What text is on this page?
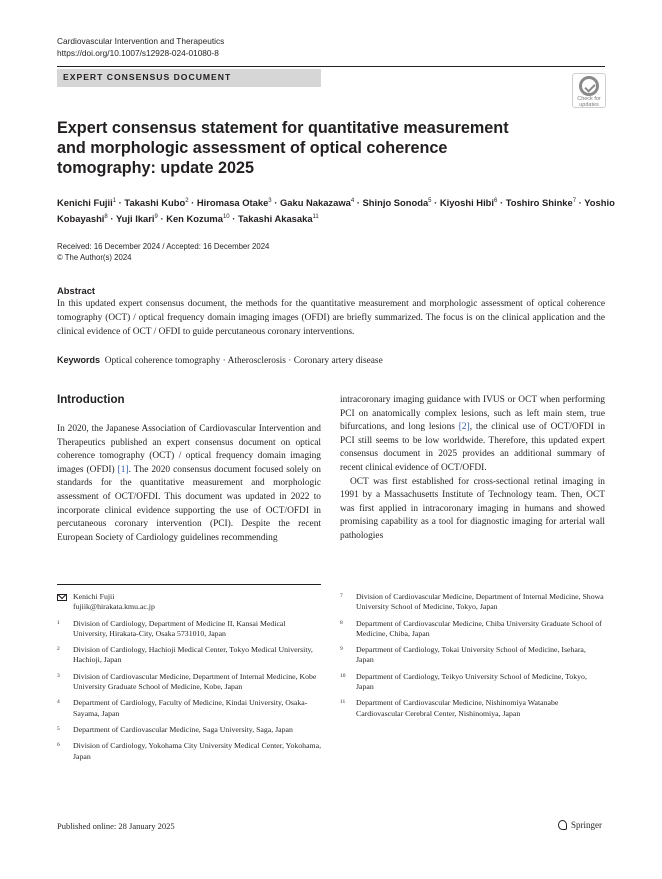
Cardiovascular Intervention and Therapeutics
https://doi.org/10.1007/s12928-024-01080-8
EXPERT CONSENSUS DOCUMENT
Check for
updates
Expert consensus statement for quantitative measurement and morphologic assessment of optical coherence tomography: update 2025
Kenichi Fujii$^1$ · Takashi Kubo$^2$ · Hiromasa Otake$^3$ · Gaku Nakazawa$^4$ · Shinjo Sonoda$^5$ · Kiyoshi Hibi$^6$ · Toshiro Shinke$^7$ · Yoshio Kobayashi$^8$ · Yuji Ikari$^9$ · Ken Kozuma$^{10}$ · Takashi Akasaka$^{11}$
Received: 16 December 2024 / Accepted: 16 December 2024
© The Author(s) 2024
Abstract
In this updated expert consensus document, the methods for the quantitative measurement and morphologic assessment of optical coherence tomography (OCT) / optical frequency domain imaging images (OFDI) are briefly summarized. The focus is on the clinical application and the clinical evidence of OCT / OFDI to guide percutaneous coronary interventions.
Keywords Optical coherence tomography · Atherosclerosis · Coronary artery disease
Introduction

In 2020, the Japanese Association of Cardiovascular Intervention and Therapeutics published an expert consensus document on optical coherence tomography (OCT) / optical frequency domain imaging images (OFDI) [1]. The 2020 consensus document focused solely on standards for the quantitative measurement and morphologic assessment of OCT/OFDI. This document was updated in 2022 to incorporate clinical evidence supporting the use of OCT/OFDI in percutaneous coronary intervention (PCI). Despite the recent European Society of Cardiology guidelines recommending

intracoronary imaging guidance with IVUS or OCT when performing PCI on anatomically complex lesions, such as left main stem, true bifurcations, and long lesions [2], the clinical use of OCT/OFDI in PCI still seems to be low worldwide. Therefore, this updated expert consensus document in 2025 provides an additional summary of recent clinical evidence of OCT/OFDI.

OCT was first established for cross-sectional retinal imaging in 1991 by a Massachusetts Institute of Technology team. Then, OCT was first applied in intracoronary imaging in humans and showed promising capability as a tool for diagnostic imaging for arterial wall pathologies

Kenichi Fujii
fujiik@hirakata.kmu.ac.jp
1	Division of Cardiology, Department of Medicine II, Kansai Medical University, Hirakata-City, Osaka 5731010, Japan
2	Division of Cardiology, Hachioji Medical Center, Tokyo Medical University, Hachioji, Japan
3	Division of Cardiovascular Medicine, Department of Internal Medicine, Kobe University Graduate School of Medicine, Kobe, Japan
4	Department of Cardiology, Faculty of Medicine, Kindai University, Osaka-Sayama, Japan
5	Department of Cardiovascular Medicine, Saga University, Saga, Japan
6	Division of Cardiology, Yokohama City University Medical Center, Yokohama, Japan
7	Division of Cardiovascular Medicine, Department of Internal Medicine, Showa University School of Medicine, Tokyo, Japan
8	Department of Cardiovascular Medicine, Chiba University Graduate School of Medicine, Chiba, Japan
9	Department of Cardiology, Tokai University School of Medicine, Isehara, Japan
10	Department of Cardiology, Teikyo University School of Medicine, Tokyo, Japan
11	Department of Cardiovascular Medicine, Nishinomiya Watanabe Cardiovascular Cerebral Center, Nishinomiya, Japan
Published online: 28 January 2025	Springer
